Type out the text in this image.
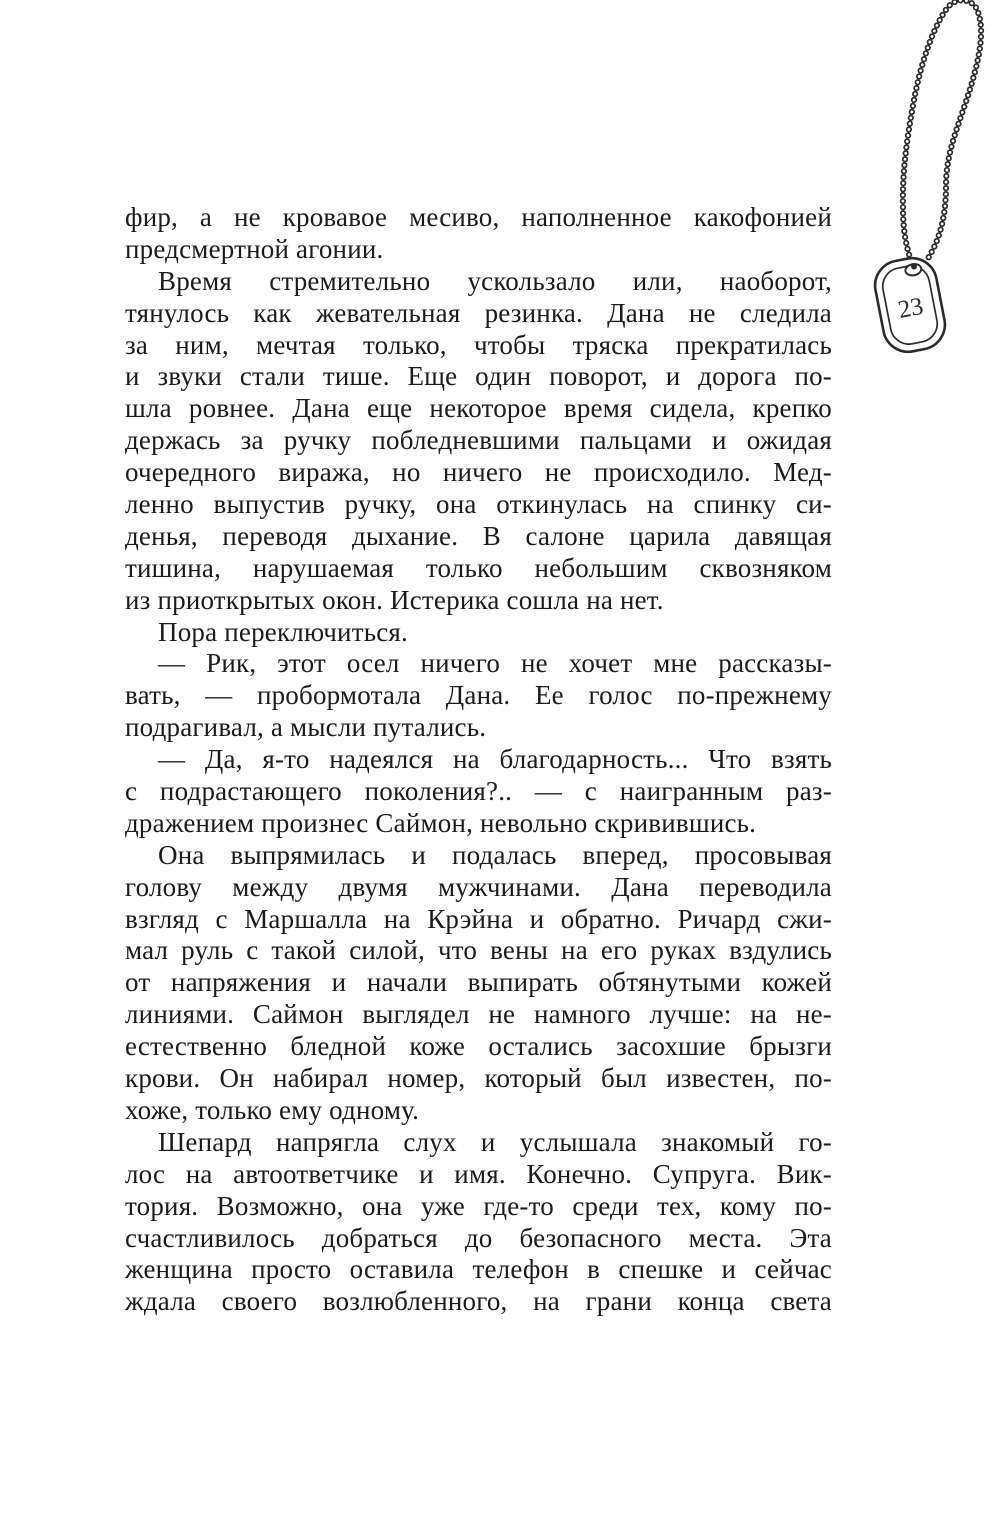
23
фир, а не кровавое месиво, наполненное какофонией
предсмертной агонии.
Время стремительно ускользало или, наоборот,
тянулось как жевательная резинка. Дана не следила
за ним, мечтая только, чтобы тряска прекратилась
и звуки стали тише. Еще один поворот, и дорога по-
шла ровнее. Дана еще некоторое время сидела, крепко
держась за ручку побледневшими пальцами и ожидая
очередного виража, но ничего не происходило. Мед-
ленно выпустив ручку, она откинулась на спинку си-
денья, переводя дыхание. В салоне царила давящая
тишина, нарушаемая только небольшим сквозняком
из приоткрытых окон. Истерика сошла на нет.
Пора переключиться.
— Рик, этот осел ничего не хочет мне рассказы-
вать, — пробормотала Дана. Ее голос по-прежнему
подрагивал, а мысли путались.
— Да, я-то надеялся на благодарность... Что взять
с подрастающего поколения?.. — с наигранным раз-
дражением произнес Саймон, невольно скривившись.
Она выпрямилась и подалась вперед, просовывая
голову между двумя мужчинами. Дана переводила
взгляд с Маршалла на Крэйна и обратно. Ричард сжи-
мал руль с такой силой, что вены на его руках вздулись
от напряжения и начали выпирать обтянутыми кожей
линиями. Саймон выглядел не намного лучше: на не-
естественно бледной коже остались засохшие брызги
крови. Он набирал номер, который был известен, по-
хоже, только ему одному.
Шепард напрягла слух и услышала знакомый го-
лос на автоответчике и имя. Конечно. Супруга. Вик-
тория. Возможно, она уже где-то среди тех, кому по-
счастливилось добраться до безопасного места. Эта
женщина просто оставила телефон в спешке и сейчас
ждала своего возлюбленного, на грани конца света
